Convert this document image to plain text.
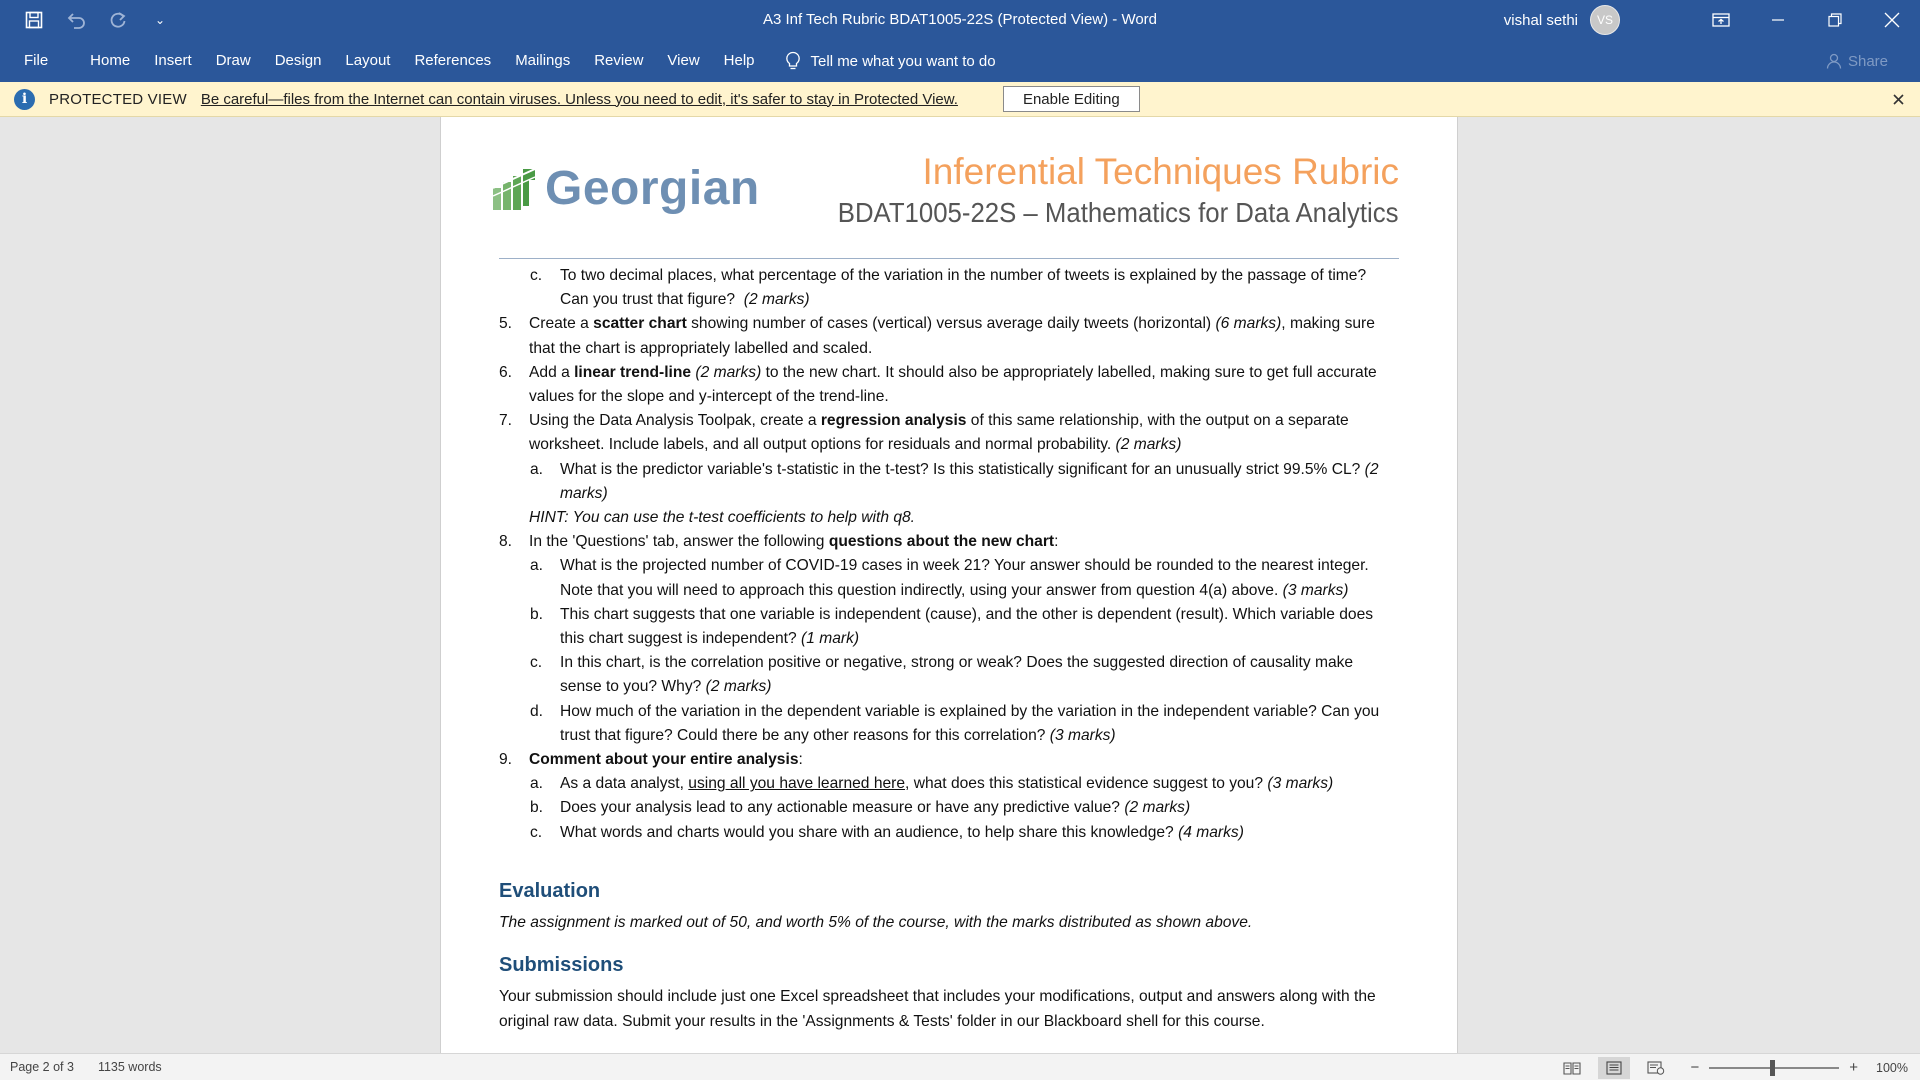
⌄	A3 Inf Tech Rubric BDAT1005-22S (Protected View) - Word	vishal sethi	VS
File	Home	Insert	Draw	Design	Layout	References	Mailings	Review	View	Help	Tell me what you want to do	Share
i	PROTECTED VIEW Be careful—files from the Internet can contain viruses. Unless you need to edit, it's safer to stay in Protected View.	Enable Editing
Georgian	Inferential Techniques Rubric
BDAT1005-22S – Mathematics for Data Analytics
c.	To two decimal places, what percentage of the variation in the number of tweets is explained by the passage of time? Can you trust that figure? (2 marks)
5.	Create a scatter chart showing number of cases (vertical) versus average daily tweets (horizontal) (6 marks), making sure that the chart is appropriately labelled and scaled.
6.	Add a linear trend-line (2 marks) to the new chart. It should also be appropriately labelled, making sure to get full accurate values for the slope and y-intercept of the trend-line.
7.	Using the Data Analysis Toolpak, create a regression analysis of this same relationship, with the output on a separate worksheet. Include labels, and all output options for residuals and normal probability. (2 marks)
a.	What is the predictor variable's t-statistic in the t-test? Is this statistically significant for an unusually strict 99.5% CL? (2 marks)
HINT: You can use the t-test coefficients to help with q8.
8.	In the 'Questions' tab, answer the following questions about the new chart:
a.	What is the projected number of COVID-19 cases in week 21? Your answer should be rounded to the nearest integer. Note that you will need to approach this question indirectly, using your answer from question 4(a) above. (3 marks)
b.	This chart suggests that one variable is independent (cause), and the other is dependent (result). Which variable does this chart suggest is independent? (1 mark)
c.	In this chart, is the correlation positive or negative, strong or weak? Does the suggested direction of causality make sense to you? Why? (2 marks)
d.	How much of the variation in the dependent variable is explained by the variation in the independent variable? Can you trust that figure? Could there be any other reasons for this correlation? (3 marks)
9.	Comment about your entire analysis:
a.	As a data analyst, using all you have learned here, what does this statistical evidence suggest to you? (3 marks)
b.	Does your analysis lead to any actionable measure or have any predictive value? (2 marks)
c.	What words and charts would you share with an audience, to help share this knowledge? (4 marks)
Evaluation
The assignment is marked out of 50, and worth 5% of the course, with the marks distributed as shown above.
Submissions
Your submission should include just one Excel spreadsheet that includes your modifications, output and answers along with the original raw data. Submit your results in the 'Assignments & Tests' folder in our Blackboard shell for this course.
Page 2 of 3 1135 words	−	+ 100%
